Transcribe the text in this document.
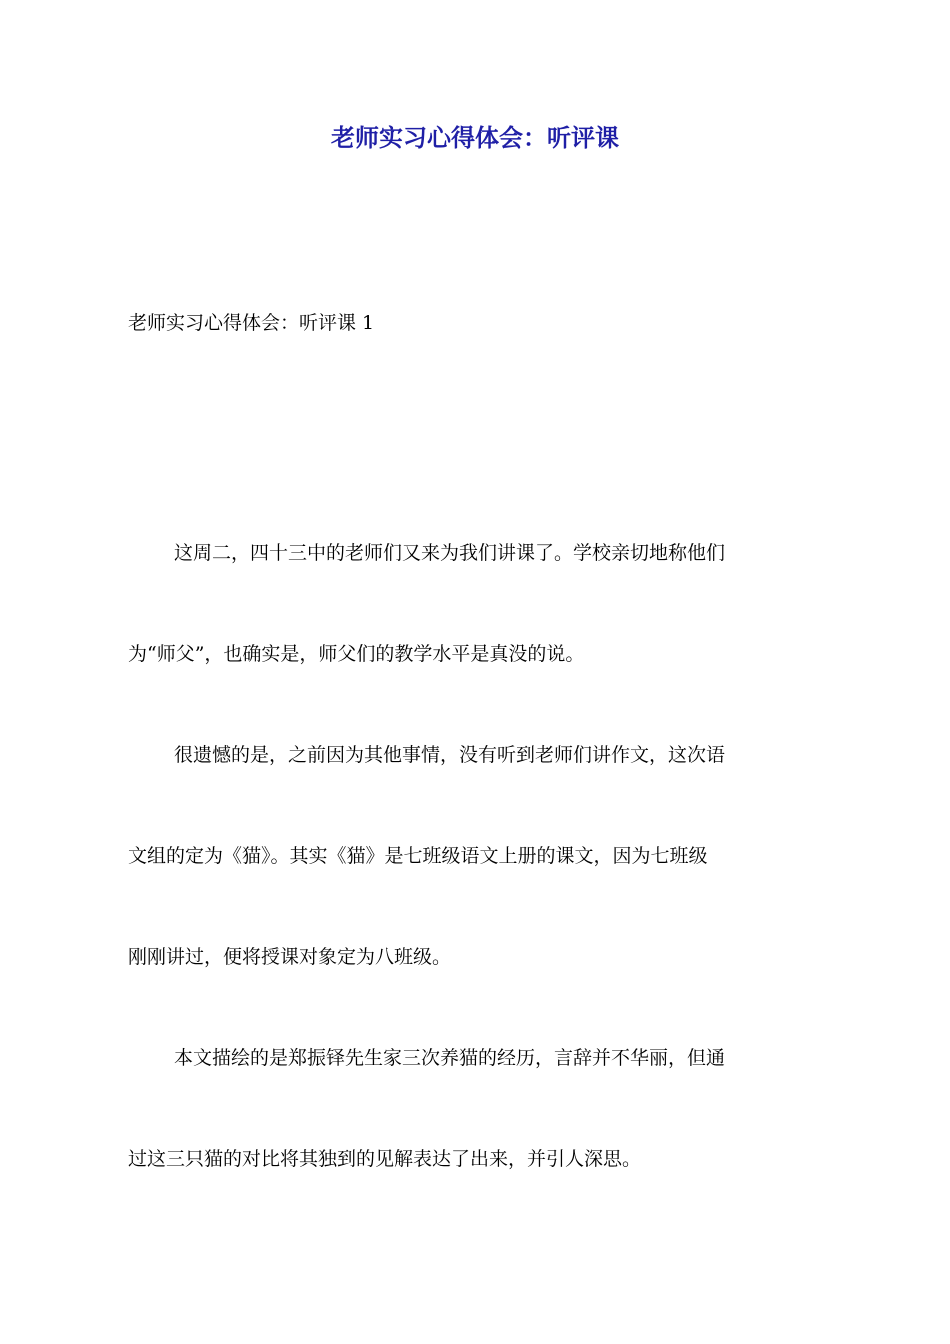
老师实习心得体会：听评课

老师实习心得体会：听评课 1

这周二，四十三中的老师们又来为我们讲课了。学校亲切地称他们
为“师父”，也确实是，师父们的教学水平是真没的说。

很遗憾的是，之前因为其他事情，没有听到老师们讲作文，这次语
文组的定为《猫》。其实《猫》是七班级语文上册的课文，因为七班级
刚刚讲过，便将授课对象定为八班级。

本文描绘的是郑振铎先生家三次养猫的经历，言辞并不华丽，但通
过这三只猫的对比将其独到的见解表达了出来，并引人深思。
